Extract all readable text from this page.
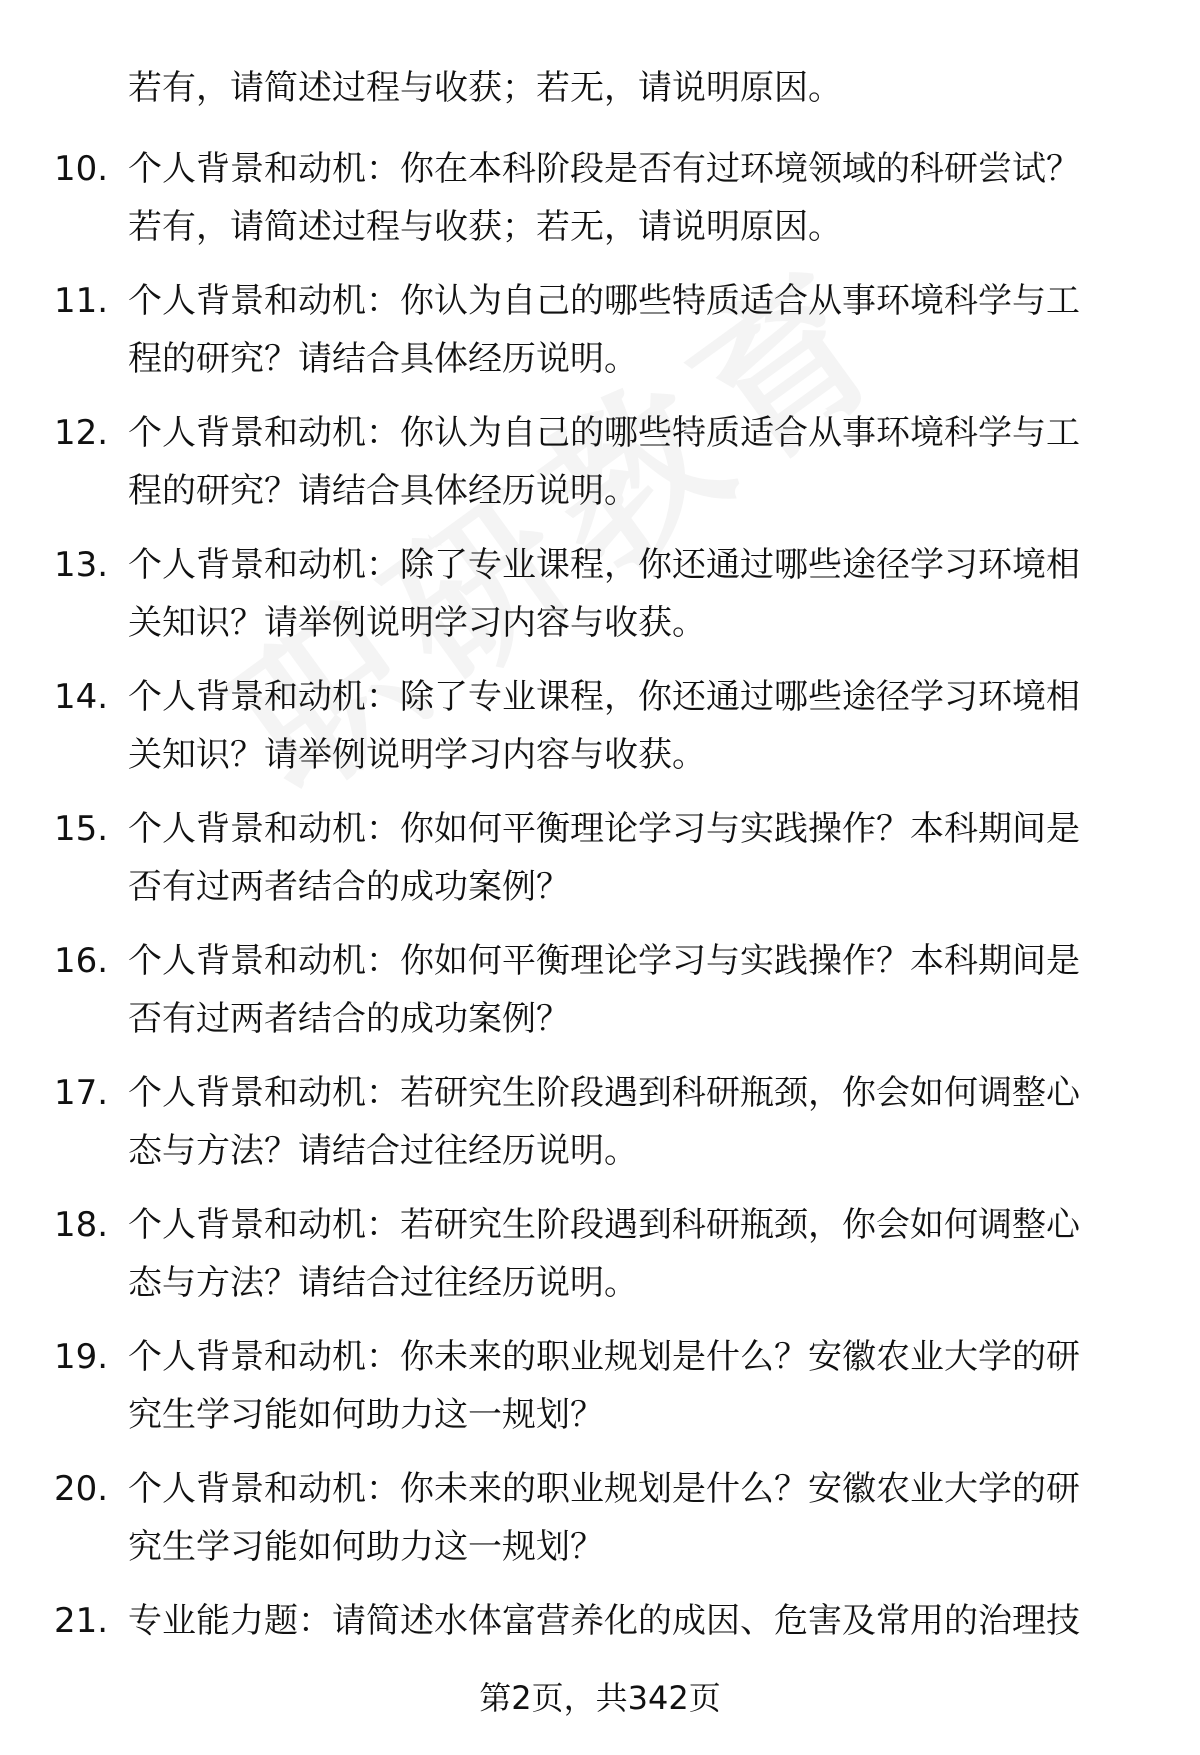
若有，请简述过程与收获；若无，请说明原因。

10. 个人背景和动机：你在本科阶段是否有过环境领域的科研尝试？
若有，请简述过程与收获；若无，请说明原因。
11. 个人背景和动机：你认为自己的哪些特质适合从事环境科学与工
程的研究？请结合具体经历说明。
12. 个人背景和动机：你认为自己的哪些特质适合从事环境科学与工
程的研究？请结合具体经历说明。
13. 个人背景和动机：除了专业课程，你还通过哪些途径学习环境相
关知识？请举例说明学习内容与收获。
14. 个人背景和动机：除了专业课程，你还通过哪些途径学习环境相
关知识？请举例说明学习内容与收获。
15. 个人背景和动机：你如何平衡理论学习与实践操作？本科期间是
否有过两者结合的成功案例？
16. 个人背景和动机：你如何平衡理论学习与实践操作？本科期间是
否有过两者结合的成功案例？
17. 个人背景和动机：若研究生阶段遇到科研瓶颈，你会如何调整心
态与方法？请结合过往经历说明。
18. 个人背景和动机：若研究生阶段遇到科研瓶颈，你会如何调整心
态与方法？请结合过往经历说明。
19. 个人背景和动机：你未来的职业规划是什么？安徽农业大学的研
究生学习能如何助力这一规划？
20. 个人背景和动机：你未来的职业规划是什么？安徽农业大学的研
究生学习能如何助力这一规划？
21. 专业能力题：请简述水体富营养化的成因、危害及常用的治理技
第2页，共342页
